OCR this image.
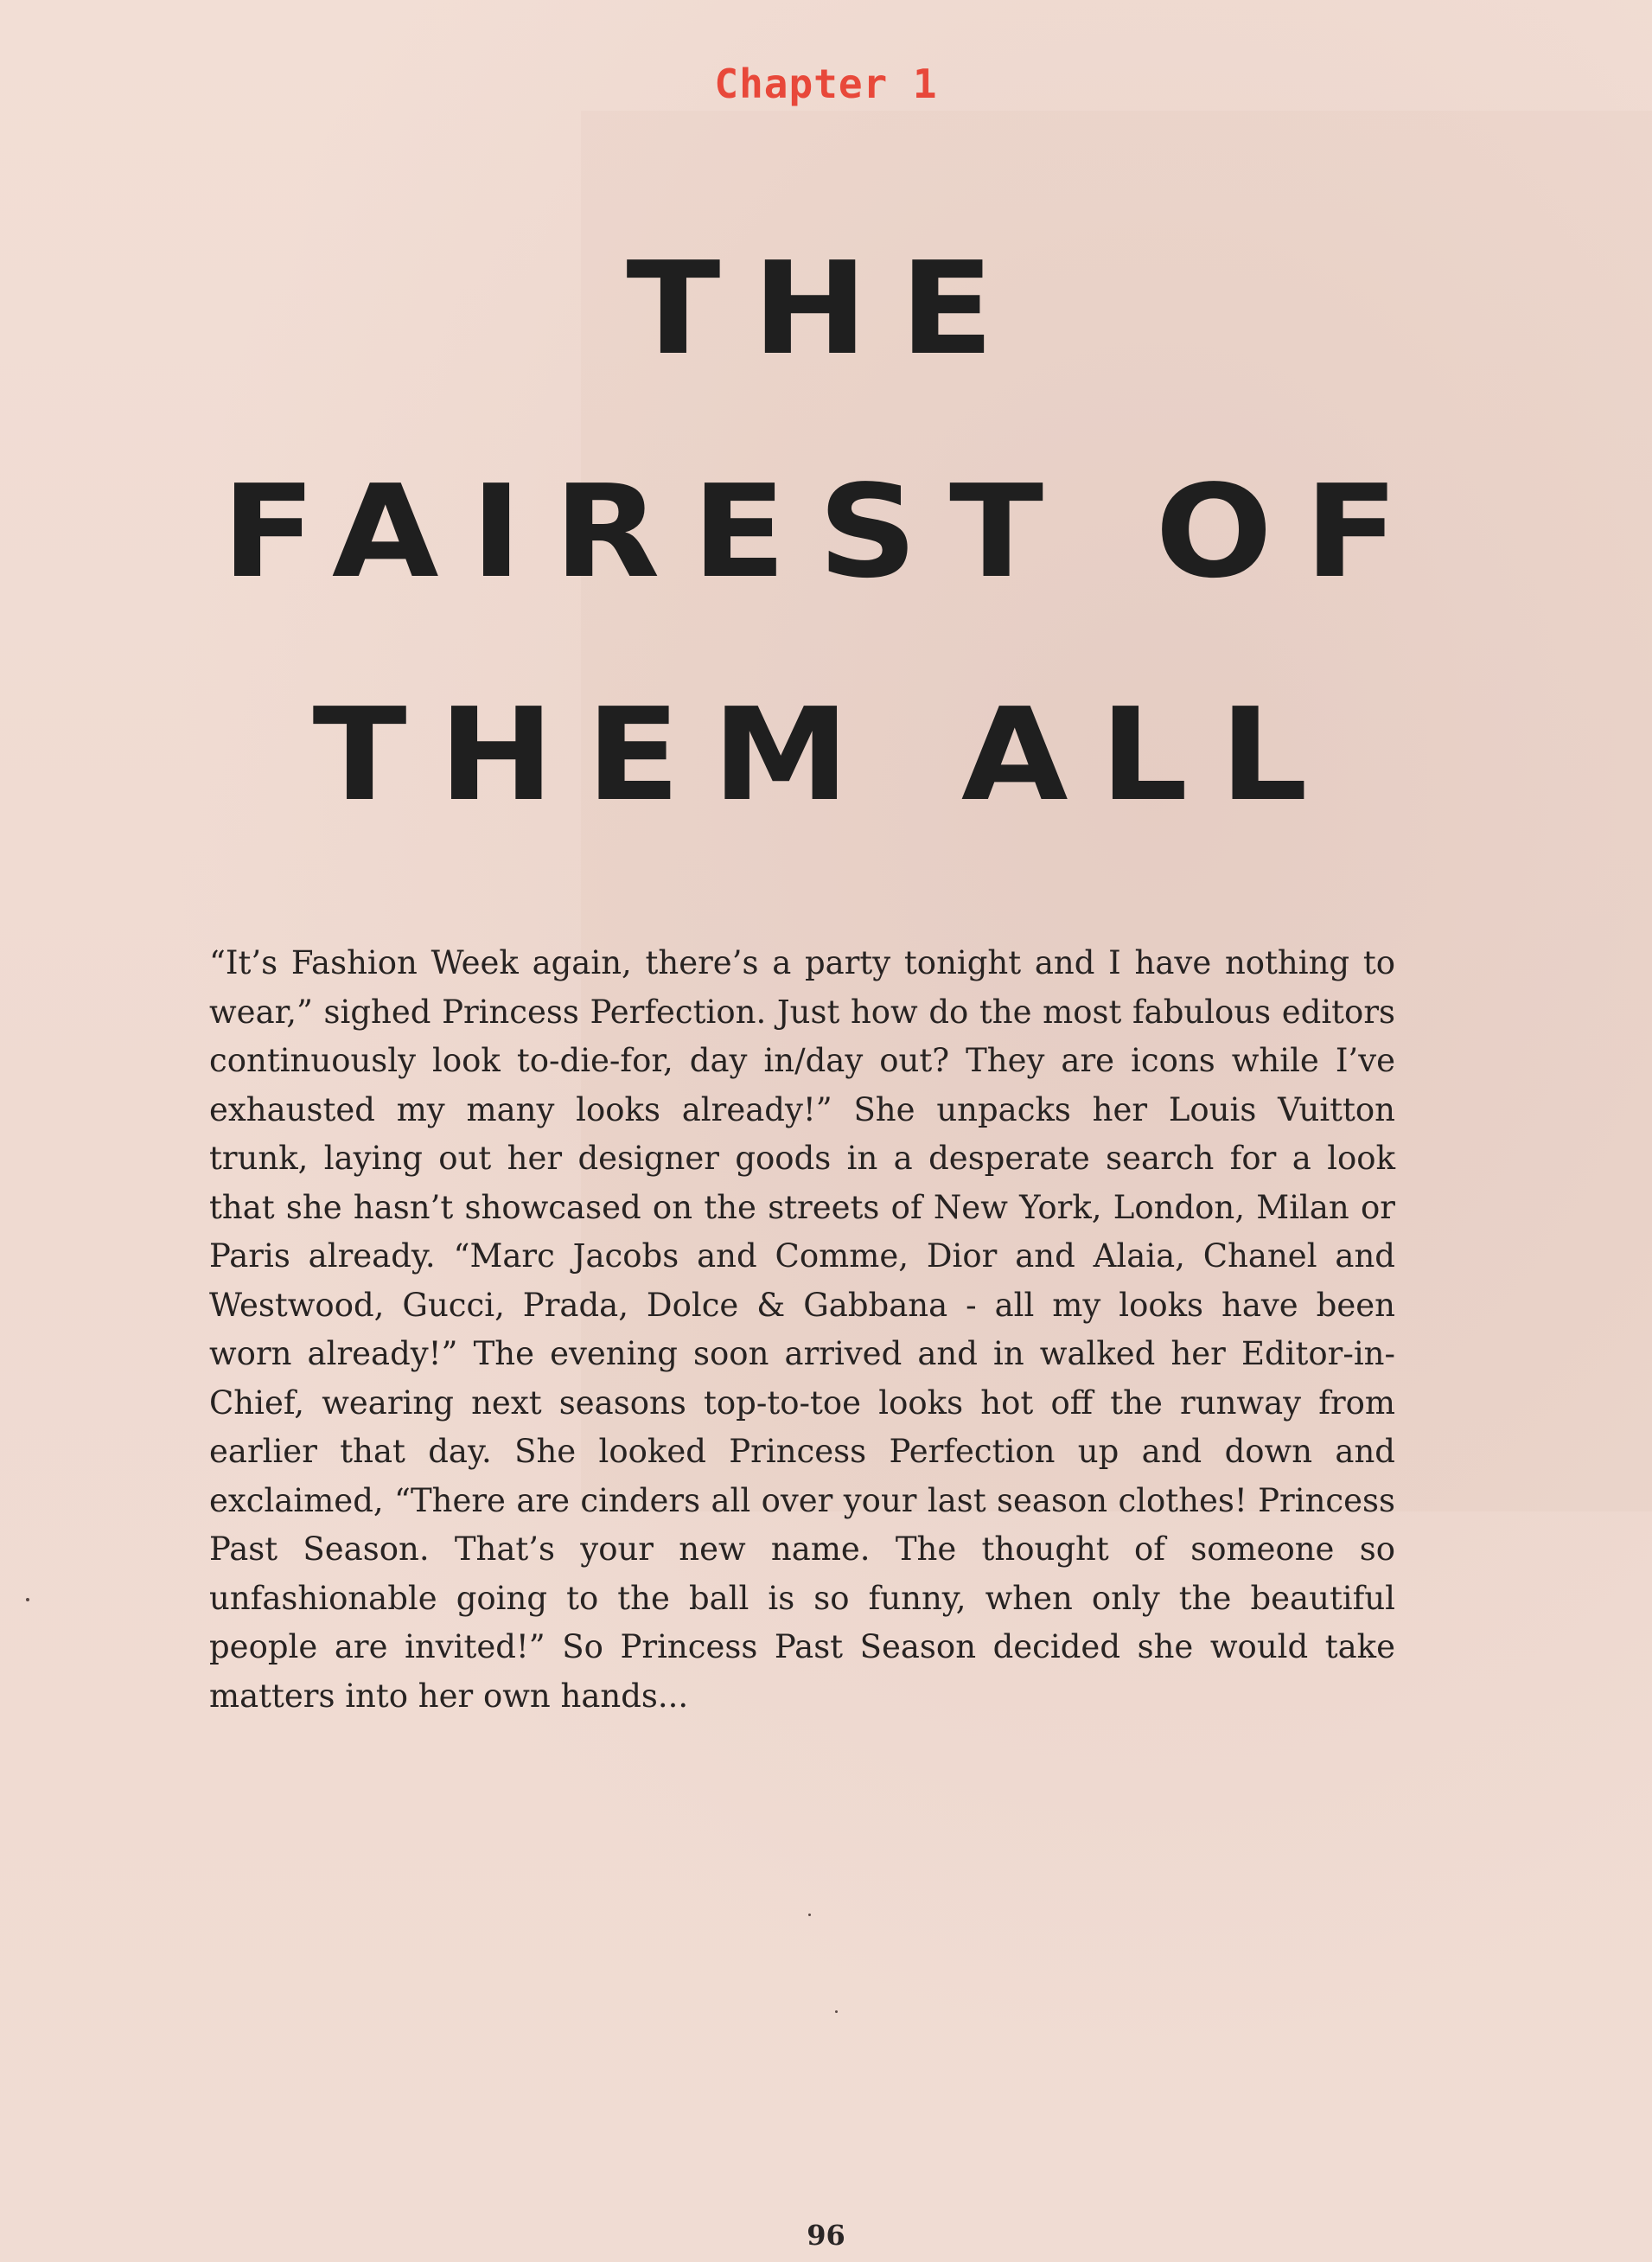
Chapter 1
THE
FAIREST OF
THEM ALL

“It’s Fashion Week again, there’s a party tonight and I have nothing to wear,” sighed Princess Perfection. Just how do the most fabulous editors continuously look to-die-for, day in/day out? They are icons while I’ve exhausted my many looks already!” She unpacks her Louis Vuitton trunk, laying out her designer goods in a desperate search for a look that she hasn’t showcased on the streets of New York, London, Milan or Paris already. “Marc Jacobs and Comme, Dior and Alaia, Chanel and Westwood, Gucci, Prada, Dolce & Gabbana - all my looks have been worn already!” The evening soon arrived and in walked her Editor-in-Chief, wearing next seasons top-to-toe looks hot off the runway from earlier that day. She looked Princess Perfection up and down and exclaimed, “There are cinders all over your last season clothes! Princess Past Season. That’s your new name. The thought of someone so unfashionable going to the ball is so funny, when only the beautiful people are invited!” So Princess Past Season decided she would take matters into her own hands...

96
